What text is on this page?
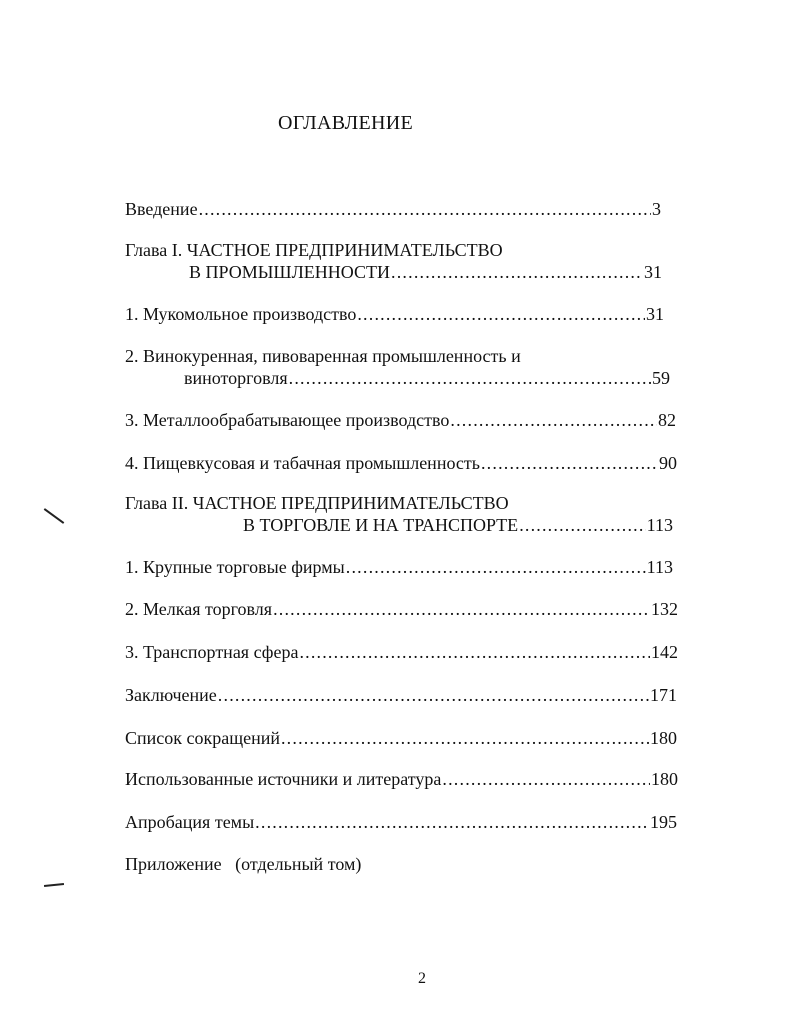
ОГЛАВЛЕНИЕ
Введение .....	3
Глава I. ЧАСТНОЕ ПРЕДПРИНИМАТЕЛЬСТВО
В ПРОМЫШЛЕННОСТИ .....	31
1. Мукомольное производство .....	31
2. Винокуренная, пивоваренная промышленность и
виноторговля .....	59
3. Металлообрабатывающее производство .....	82
4. Пищевкусовая и табачная промышленность .....	90
Глава II. ЧАСТНОЕ ПРЕДПРИНИМАТЕЛЬСТВО
В ТОРГОВЛЕ И НА ТРАНСПОРТЕ .....	113
1. Крупные торговые фирмы .....	113
2. Мелкая торговля .....	132
3. Транспортная сфера .....	142
Заключение .....	171
Список сокращений .....	180
Использованные источники и литература .....	180
Апробация темы .....	195
Приложение   (отдельный том)
2
